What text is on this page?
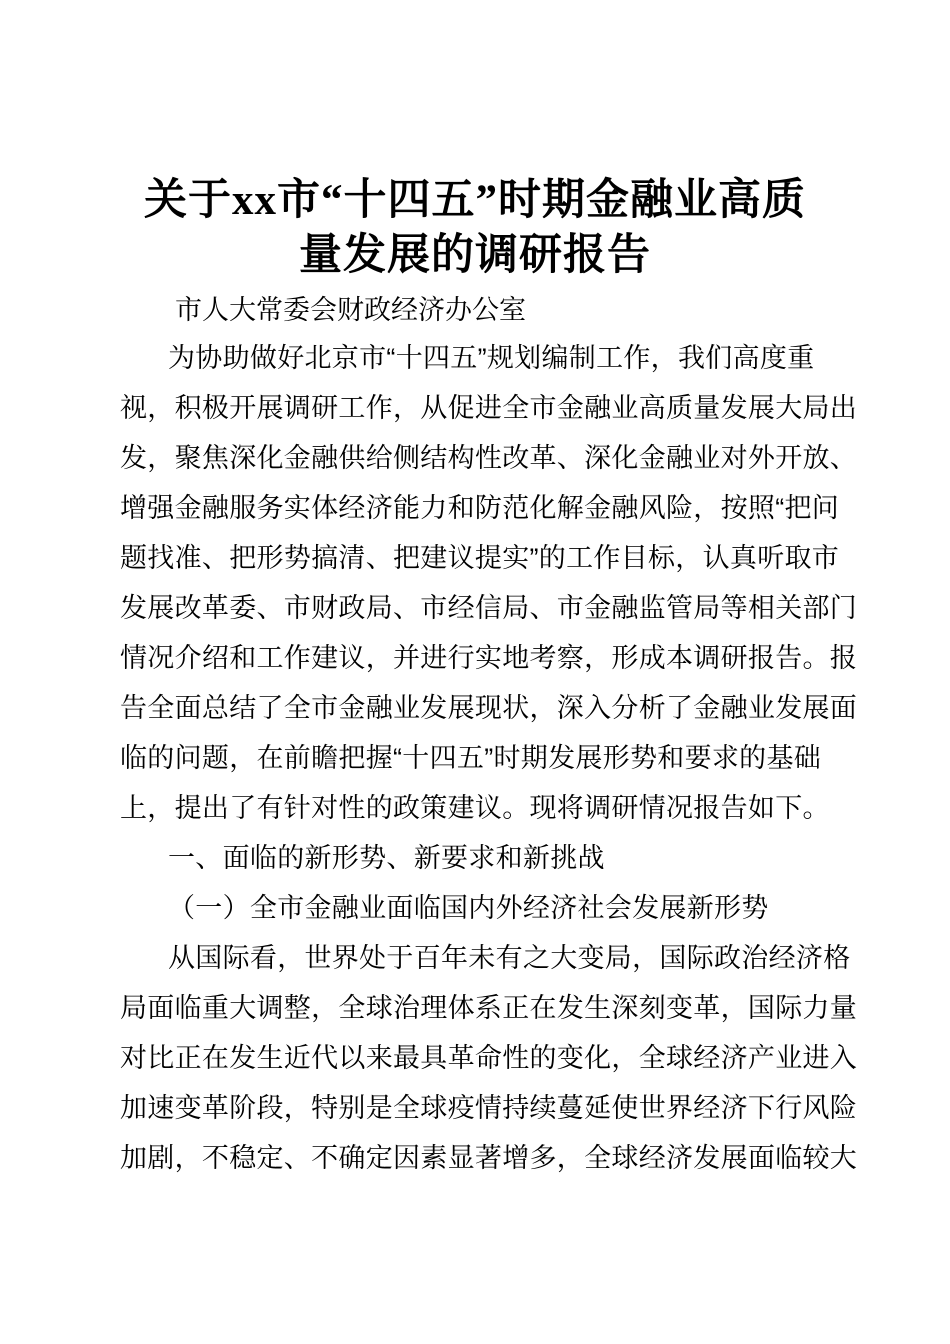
关于xx市“十四五”时期金融业高质
量发展的调研报告

市人大常委会财政经济办公室

为协助做好北京市“十四五”规划编制工作，我们高度重
视，积极开展调研工作，从促进全市金融业高质量发展大局出
发，聚焦深化金融供给侧结构性改革、深化金融业对外开放、
增强金融服务实体经济能力和防范化解金融风险，按照“把问
题找准、把形势搞清、把建议提实”的工作目标，认真听取市
发展改革委、市财政局、市经信局、市金融监管局等相关部门
情况介绍和工作建议，并进行实地考察，形成本调研报告。报
告全面总结了全市金融业发展现状，深入分析了金融业发展面
临的问题，在前瞻把握“十四五”时期发展形势和要求的基础
上，提出了有针对性的政策建议。现将调研情况报告如下。
一、面临的新形势、新要求和新挑战
（一）全市金融业面临国内外经济社会发展新形势
从国际看，世界处于百年未有之大变局，国际政治经济格
局面临重大调整，全球治理体系正在发生深刻变革，国际力量
对比正在发生近代以来最具革命性的变化，全球经济产业进入
加速变革阶段，特别是全球疫情持续蔓延使世界经济下行风险
加剧，不稳定、不确定因素显著增多，全球经济发展面临较大
